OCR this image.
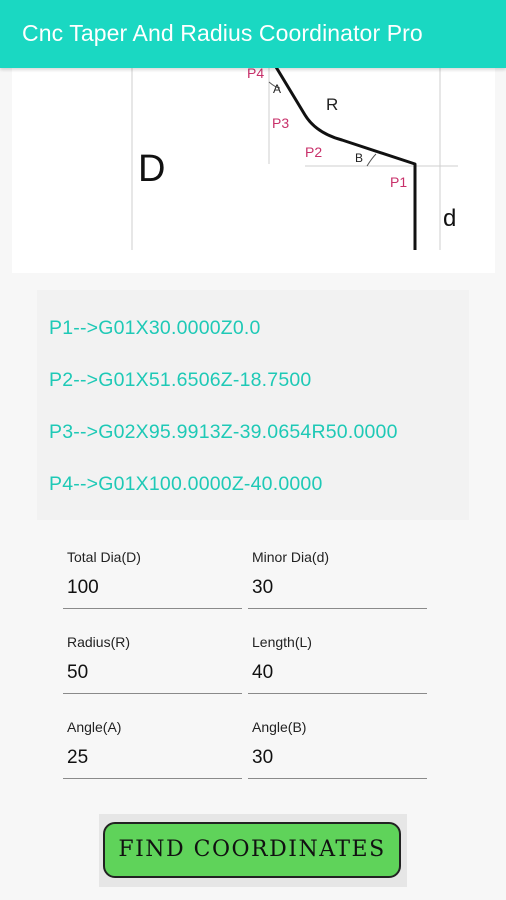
Cnc Taper And Radius Coordinator Pro
D
d
P4
P3
P2
P1
R
A
B
P1-->G01X30.0000Z0.0
P2-->G01X51.6506Z-18.7500
P3-->G02X95.9913Z-39.0654R50.0000
P4-->G01X100.0000Z-40.0000
Total Dia(D)
100
Minor Dia(d)
30
Radius(R)
50
Length(L)
40
Angle(A)
25
Angle(B)
30
FIND COORDINATES
